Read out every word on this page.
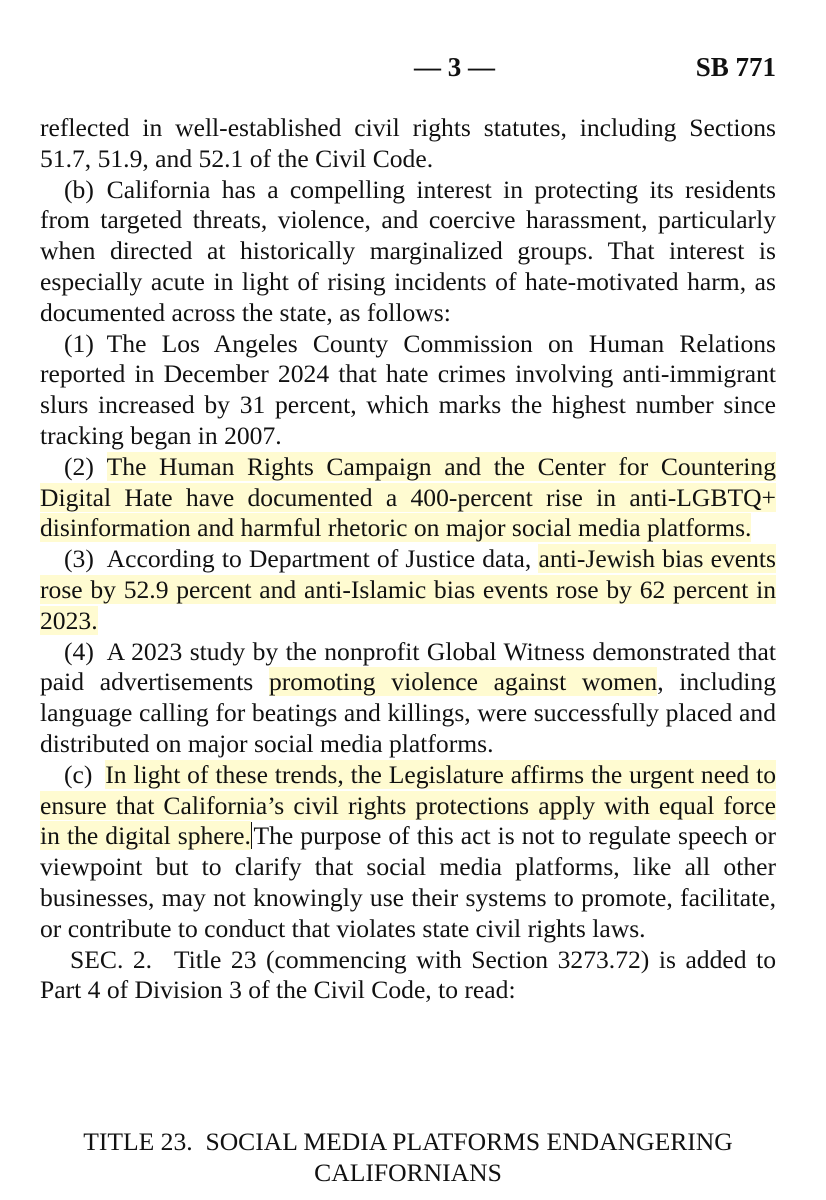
— 3 —	SB 771

reflected in well-established civil rights statutes, including Sections 51.7, 51.9, and 52.1 of the Civil Code.

(b) California has a compelling interest in protecting its residents from targeted threats, violence, and coercive harassment, particularly when directed at historically marginalized groups. That interest is especially acute in light of rising incidents of hate-motivated harm, as documented across the state, as follows:

(1) The Los Angeles County Commission on Human Relations reported in December 2024 that hate crimes involving anti-immigrant slurs increased by 31 percent, which marks the highest number since tracking began in 2007.

(2) The Human Rights Campaign and the Center for Countering Digital Hate have documented a 400-percent rise in anti-LGBTQ+ disinformation and harmful rhetoric on major social media platforms.

(3) According to Department of Justice data, anti-Jewish bias events rose by 52.9 percent and anti-Islamic bias events rose by 62 percent in 2023.

(4) A 2023 study by the nonprofit Global Witness demonstrated that paid advertisements promoting violence against women, including language calling for beatings and killings, were successfully placed and distributed on major social media platforms.

(c) In light of these trends, the Legislature affirms the urgent need to ensure that California’s civil rights protections apply with equal force in the digital sphere.The purpose of this act is not to regulate speech or viewpoint but to clarify that social media platforms, like all other businesses, may not knowingly use their systems to promote, facilitate, or contribute to conduct that violates state civil rights laws.

SEC. 2.  Title 23 (commencing with Section 3273.72) is added to Part 4 of Division 3 of the Civil Code, to read:

TITLE 23. SOCIAL MEDIA PLATFORMS ENDANGERING
CALIFORNIANS
